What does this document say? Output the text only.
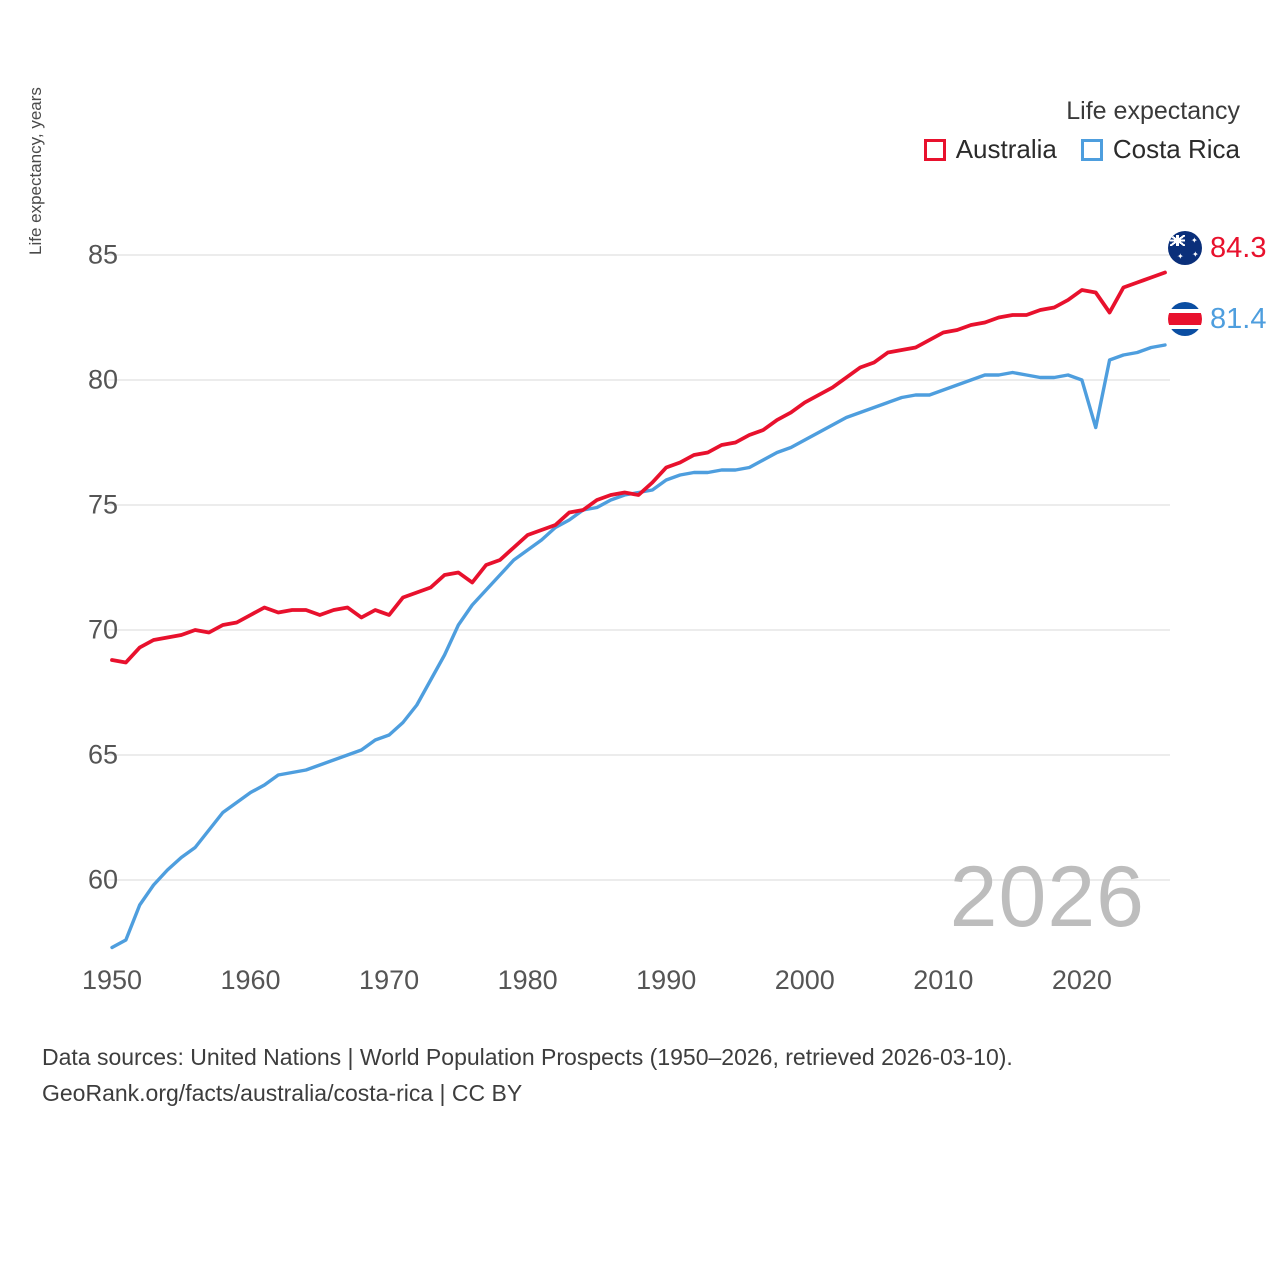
Life expectancy
Australia Costa Rica
60
65
70
75
80
85
Life expectancy, years
1950	1960	1970	1980	1990	2000	2010	2020
2026
✦
✦ ✦ 84.3
81.4
Data sources: United Nations | World Population Prospects (1950–2026, retrieved 2026-03-10).
GeoRank.org/facts/australia/costa-rica | CC BY
